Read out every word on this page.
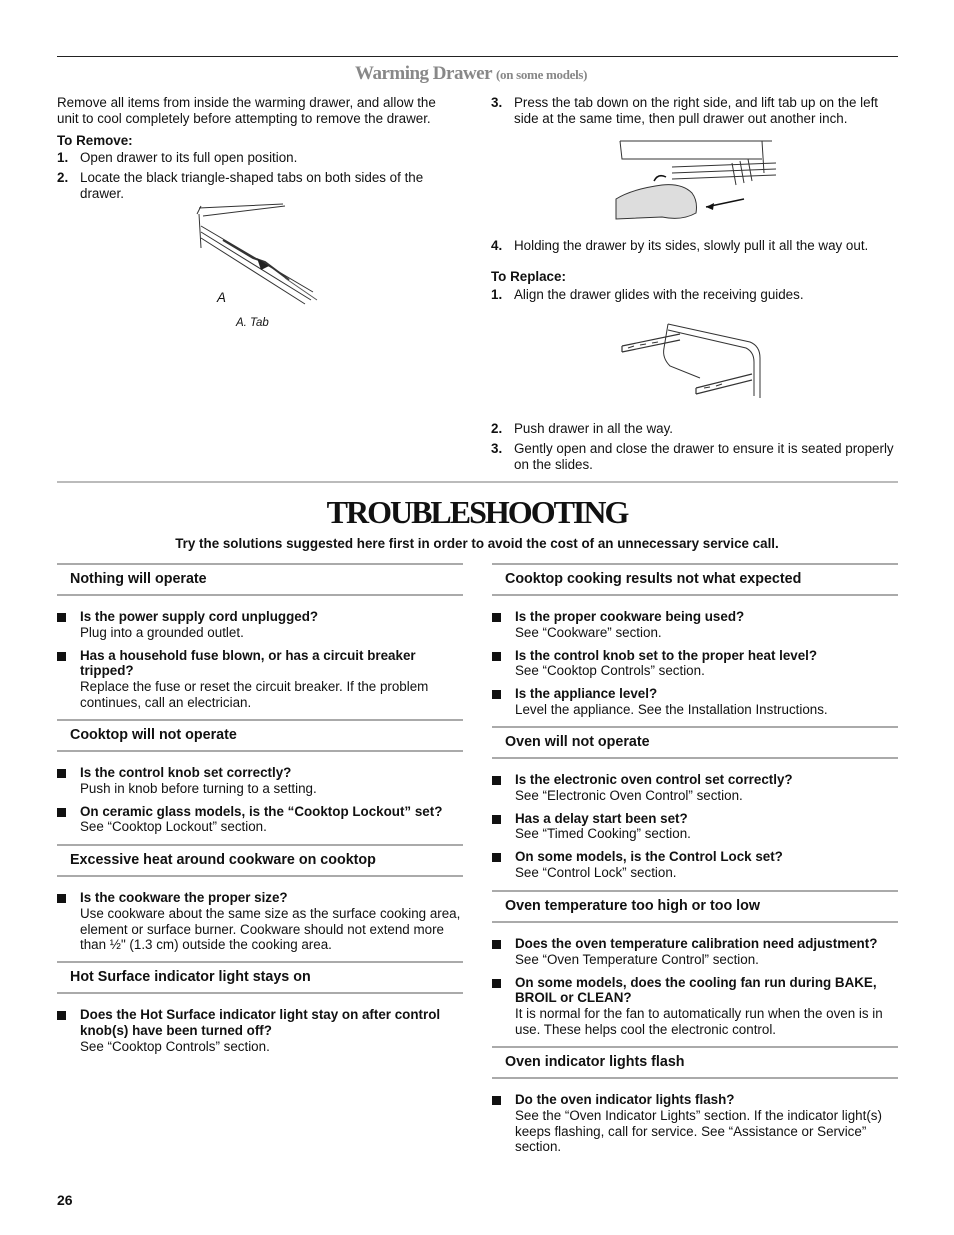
Warming Drawer (on some models)

Remove all items from inside the warming drawer, and allow the unit to cool completely before attempting to remove the drawer.

To Remove:

1. Open drawer to its full open position.
2. Locate the black triangle-shaped tabs on both sides of the drawer.
A
A. Tab
3. Press the tab down on the right side, and lift tab up on the left side at the same time, then pull drawer out another inch.
4. Holding the drawer by its sides, slowly pull it all the way out.

To Replace:

1. Align the drawer glides with the receiving guides.
2. Push drawer in all the way.
3. Gently open and close the drawer to ensure it is seated properly on the slides.
TROUBLESHOOTING
Try the solutions suggested here first in order to avoid the cost of an unnecessary service call.
Nothing will operate
Is the power supply cord unplugged?
Plug into a grounded outlet.
Has a household fuse blown, or has a circuit breaker tripped?
Replace the fuse or reset the circuit breaker. If the problem continues, call an electrician.
Cooktop will not operate
Is the control knob set correctly?
Push in knob before turning to a setting.
On ceramic glass models, is the “Cooktop Lockout” set?
See “Cooktop Lockout” section.
Excessive heat around cookware on cooktop
Is the cookware the proper size?
Use cookware about the same size as the surface cooking area, element or surface burner. Cookware should not extend more than ½" (1.3 cm) outside the cooking area.
Hot Surface indicator light stays on
Does the Hot Surface indicator light stay on after control knob(s) have been turned off?
See “Cooktop Controls” section.
Cooktop cooking results not what expected
Is the proper cookware being used?
See “Cookware” section.
Is the control knob set to the proper heat level?
See “Cooktop Controls” section.
Is the appliance level?
Level the appliance. See the Installation Instructions.
Oven will not operate
Is the electronic oven control set correctly?
See “Electronic Oven Control” section.
Has a delay start been set?
See “Timed Cooking” section.
On some models, is the Control Lock set?
See “Control Lock” section.
Oven temperature too high or too low
Does the oven temperature calibration need adjustment?
See “Oven Temperature Control” section.
On some models, does the cooling fan run during BAKE, BROIL or CLEAN?
It is normal for the fan to automatically run when the oven is in use. These helps cool the electronic control.
Oven indicator lights flash
Do the oven indicator lights flash?
See the “Oven Indicator Lights” section. If the indicator light(s) keeps flashing, call for service. See “Assistance or Service” section.
26
